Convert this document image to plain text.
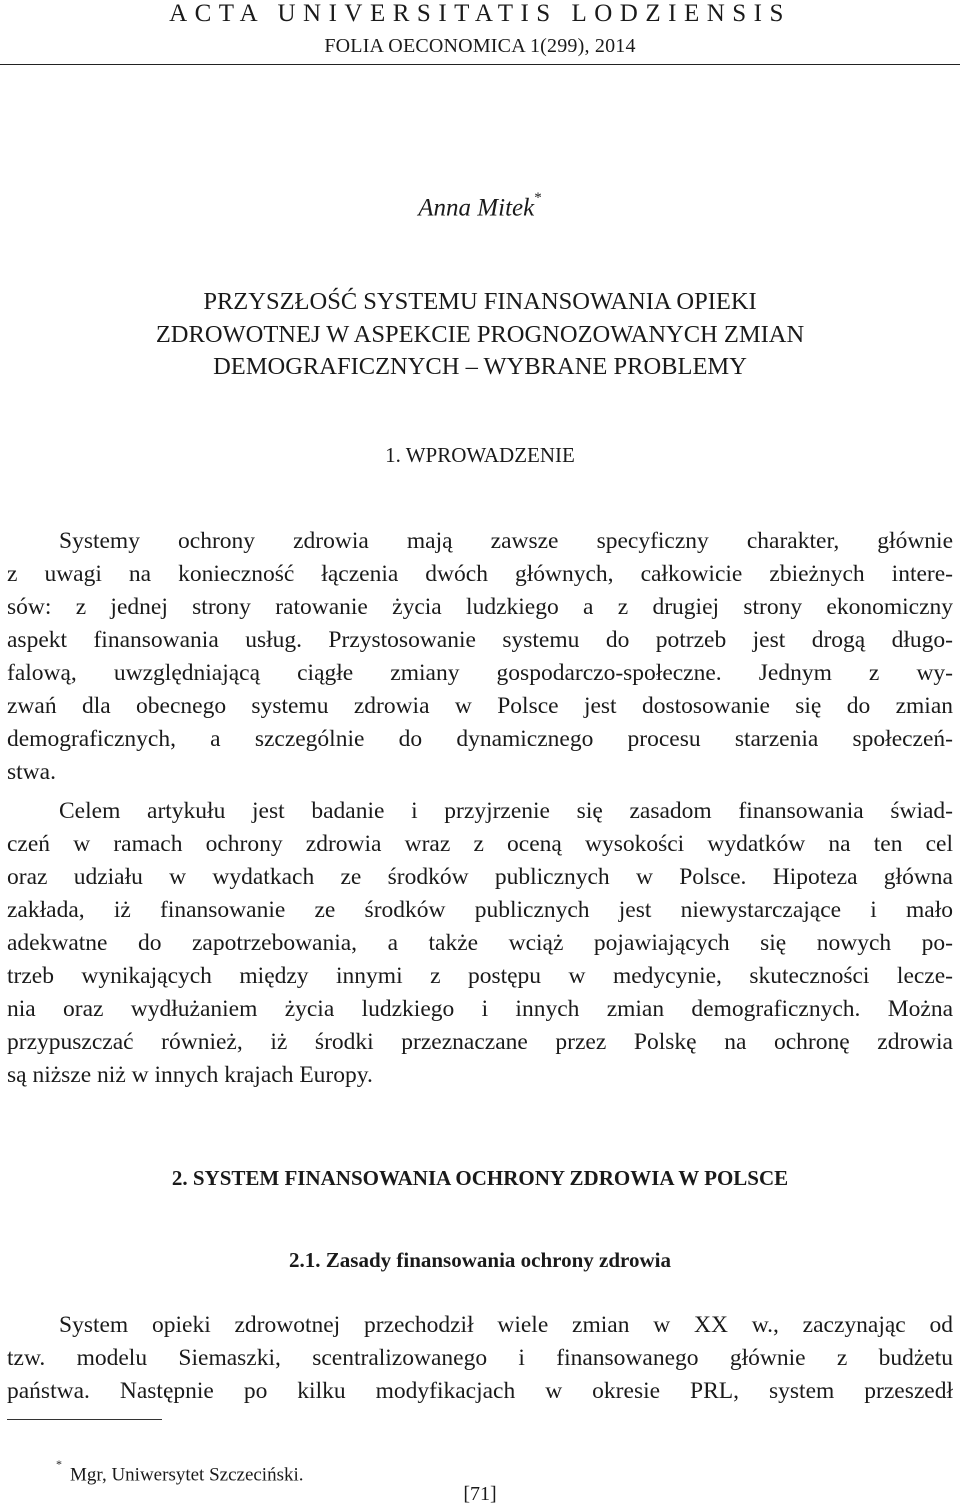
ACTA UNIVERSITATIS LODZIENSIS
FOLIA OECONOMICA 1(299), 2014
Anna Mitek*
PRZYSZŁOŚĆ SYSTEMU FINANSOWANIA OPIEKI
ZDROWOTNEJ W ASPEKCIE PROGNOZOWANYCH ZMIAN
DEMOGRAFICZNYCH – WYBRANE PROBLEMY
1. WPROWADZENIE
Systemy ochrony zdrowia mają zawsze specyficzny charakter, głównie
z uwagi na konieczność łączenia dwóch głównych, całkowicie zbieżnych intere-
sów: z jednej strony ratowanie życia ludzkiego a z drugiej strony ekonomiczny
aspekt finansowania usług. Przystosowanie systemu do potrzeb jest drogą długo-
falową, uwzględniającą ciągłe zmiany gospodarczo-społeczne. Jednym z wy-
zwań dla obecnego systemu zdrowia w Polsce jest dostosowanie się do zmian
demograficznych, a szczególnie do dynamicznego procesu starzenia społeczeń-
stwa.
Celem artykułu jest badanie i przyjrzenie się zasadom finansowania świad-
czeń w ramach ochrony zdrowia wraz z oceną wysokości wydatków na ten cel
oraz udziału w wydatkach ze środków publicznych w Polsce. Hipoteza główna
zakłada, iż finansowanie ze środków publicznych jest niewystarczające i mało
adekwatne do zapotrzebowania, a także wciąż pojawiających się nowych po-
trzeb wynikających między innymi z postępu w medycynie, skuteczności lecze-
nia oraz wydłużaniem życia ludzkiego i innych zmian demograficznych. Można
przypuszczać również, iż środki przeznaczane przez Polskę na ochronę zdrowia
są niższe niż w innych krajach Europy.
2. SYSTEM FINANSOWANIA OCHRONY ZDROWIA W POLSCE
2.1. Zasady finansowania ochrony zdrowia
System opieki zdrowotnej przechodził wiele zmian w XX w., zaczynając od
tzw. modelu Siemaszki, scentralizowanego i finansowanego głównie z budżetu
państwa. Następnie po kilku modyfikacjach w okresie PRL, system przeszedł
*Mgr, Uniwersytet Szczeciński.
[71]
